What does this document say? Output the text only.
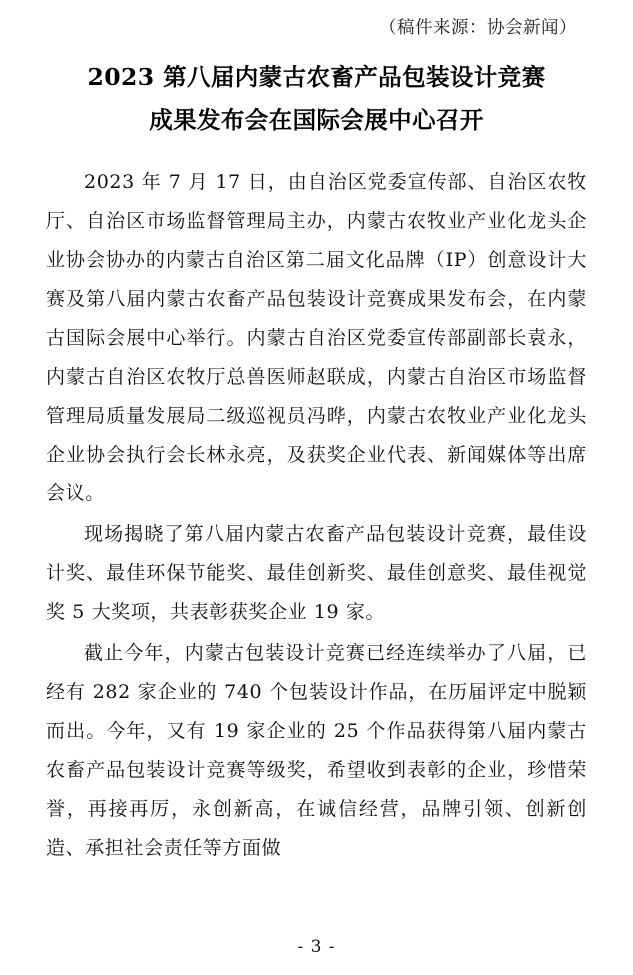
（稿件来源：协会新闻）
2023 第八届内蒙古农畜产品包装设计竞赛
成果发布会在国际会展中心召开

2023 年 7 月 17 日，由自治区党委宣传部、自治区农牧厅、自治区市场监督管理局主办，内蒙古农牧业产业化龙头企业协会协办的内蒙古自治区第二届文化品牌（IP）创意设计大赛及第八届内蒙古农畜产品包装设计竞赛成果发布会，在内蒙古国际会展中心举行。内蒙古自治区党委宣传部副部长袁永，内蒙古自治区农牧厅总兽医师赵联成，内蒙古自治区市场监督管理局质量发展局二级巡视员冯晔，内蒙古农牧业产业化龙头企业协会执行会长林永亮，及获奖企业代表、新闻媒体等出席会议。

现场揭晓了第八届内蒙古农畜产品包装设计竞赛，最佳设计奖、最佳环保节能奖、最佳创新奖、最佳创意奖、最佳视觉奖 5 大奖项，共表彰获奖企业 19 家。

截止今年，内蒙古包装设计竞赛已经连续举办了八届，已经有 282 家企业的 740 个包装设计作品，在历届评定中脱颖而出。今年，又有 19 家企业的 25 个作品获得第八届内蒙古农畜产品包装设计竞赛等级奖，希望收到表彰的企业，珍惜荣誉，再接再厉，永创新高，在诚信经营，品牌引领、创新创造、承担社会责任等方面做

- 3 -
